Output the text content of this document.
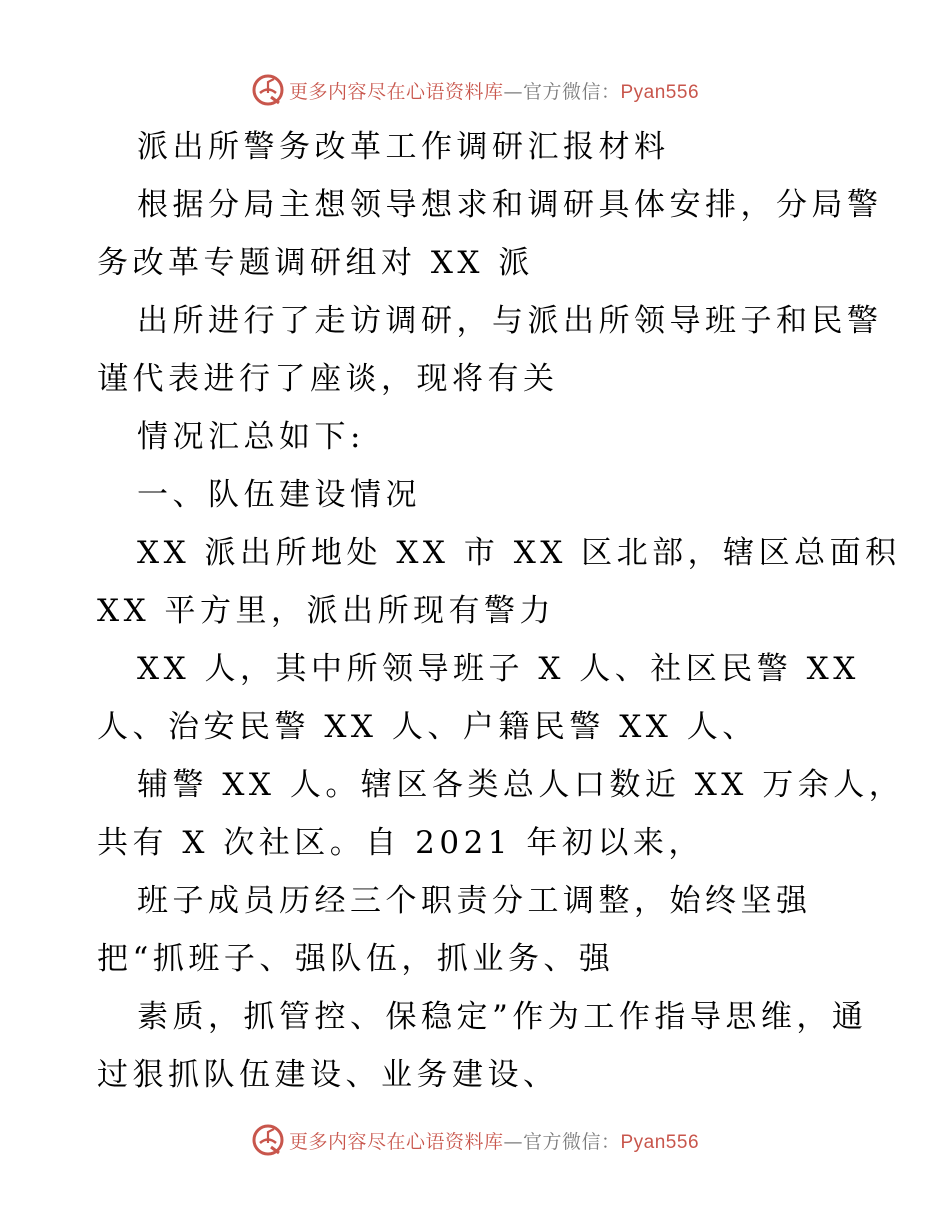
更多内容尽在心语资料库—官方微信：Pyan556
派出所警务改革工作调研汇报材料
根据分局主想领导想求和调研具体安排，分局警
务改革专题调研组对 XX 派
出所进行了走访调研，与派出所领导班子和民警
谨代表进行了座谈，现将有关
情况汇总如下:
一、队伍建设情况
XX 派出所地处 XX 市 XX 区北部，辖区总面积
XX 平方里，派出所现有警力
XX 人，其中所领导班子 X 人、社区民警 XX
人、治安民警 XX 人、户籍民警 XX 人、
辅警 XX 人。辖区各类总人口数近 XX 万余人，
共有 X 次社区。自 2021 年初以来，
班子成员历经三个职责分工调整，始终坚强
把“抓班子、强队伍，抓业务、强
素质，抓管控、保稳定”作为工作指导思维，通
过狠抓队伍建设、业务建设、
更多内容尽在心语资料库—官方微信：Pyan556
